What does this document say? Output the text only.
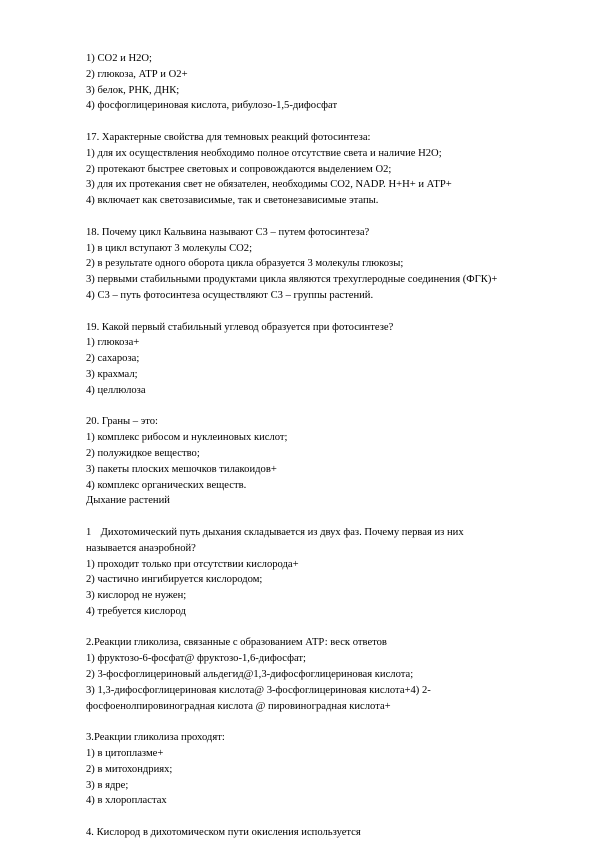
1) СО2 и Н2О;
2) глюкоза, АТР и О2+
3) белок, РНК, ДНК;
4) фосфоглицериновая кислота, рибулозо-1,5-дифосфат
17. Характерные свойства для темновых реакций фотосинтеза:
1) для их осуществления необходимо полное отсутствие света и наличие Н2О;
2) протекают быстрее световых и сопровождаются выделением О2;
3) для их протекания свет не обязателен, необходимы СО2, NADP. Н+Н+ и АТР+
4) включает как светозависимые, так и светонезависимые этапы.
18. Почему цикл Кальвина называют С3 – путем фотосинтеза?
1) в цикл вступают 3 молекулы СО2;
2) в результате одного оборота цикла образуется 3 молекулы глюкозы;
3) первыми стабильными продуктами цикла являются трехуглеродные соединения (ФГК)+
4) С3 – путь фотосинтеза осуществляют С3 – группы растений.
19. Какой первый стабильный углевод образуется при фотосинтезе?
1) глюкоза+
2) сахароза;
3) крахмал;
4) целлюлоза
20. Граны – это:
1) комплекс рибосом и нуклеиновых кислот;
2) полужидкое вещество;
3) пакеты плоских мешочков тилакоидов+
4) комплекс органических веществ.
Дыхание растений
1 Дихотомический путь дыхания складывается из двух фаз. Почему первая из них
называется анаэробной?
1) проходит только при отсутствии кислорода+
2) частично ингибируется кислородом;
3) кислород не нужен;
4) требуется кислород
2.Реакции гликолиза, связанные с образованием АТР: веск ответов
1) фруктозо-6-фосфат@ фруктозо-1,6-дифосфат;
2) 3-фосфоглицериновый альдегид@1,3-дифосфоглицериновая кислота;
3) 1,3-дифосфоглицериновая кислота@ 3-фосфоглицериновая кислота+4) 2-
фосфоенолпировиноградная кислота @ пировиноградная кислота+
3.Реакции гликолиза проходят:
1) в цитоплазме+
2) в митохондриях;
3) в ядре;
4) в хлоропластах
4. Кислород в дихотомическом пути окисления используется
